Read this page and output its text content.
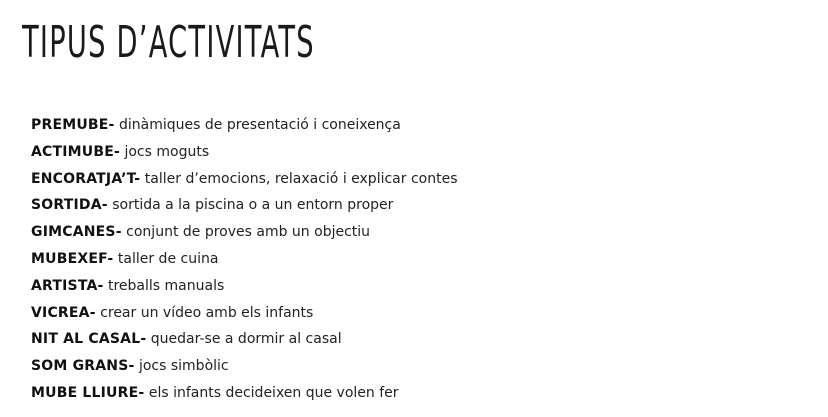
TIPUS D’ACTIVITATS
PREMUBE- dinàmiques de presentació i coneixença
ACTIMUBE- jocs moguts
ENCORATJA’T- taller d’emocions, relaxació i explicar contes
SORTIDA- sortida a la piscina o a un entorn proper
GIMCANES- conjunt de proves amb un objectiu
MUBEXEF- taller de cuina
ARTISTA- treballs manuals
VICREA- crear un vídeo amb els infants
NIT AL CASAL- quedar-se a dormir al casal
SOM GRANS- jocs simbòlic
MUBE LLIURE- els infants decideixen que volen fer
